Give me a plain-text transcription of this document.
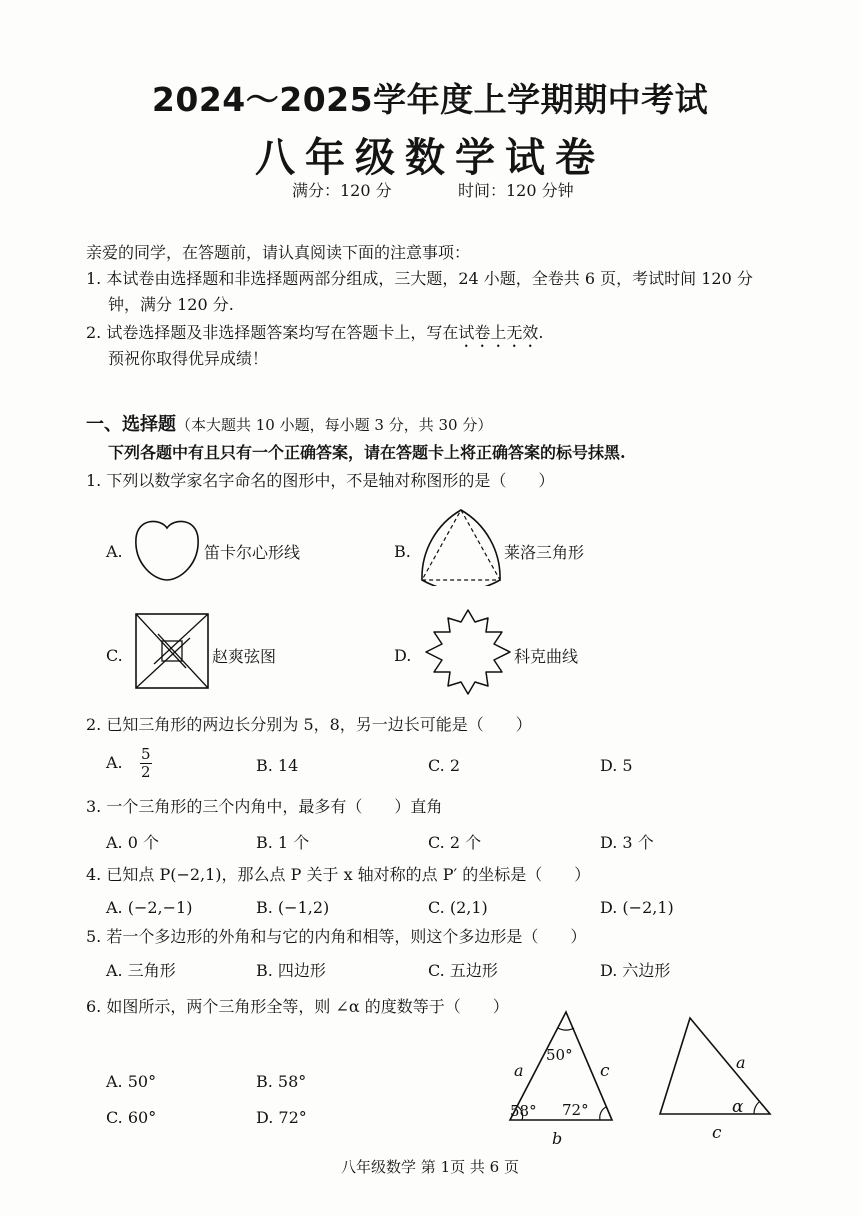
2024～2025学年度上学期期中考试
八年级数学试卷
满分：120 分	时间：120 分钟
亲爱的同学，在答题前，请认真阅读下面的注意事项：
1. 本试卷由选择题和非选择题两部分组成，三大题，24 小题，全卷共 6 页，考试时间 120 分
钟，满分 120 分.
2. 试卷选择题及非选择题答案均写在答题卡上，写在试卷上无效.
预祝你取得优异成绩！
一、选择题（本大题共 10 小题，每小题 3 分，共 30 分）
下列各题中有且只有一个正确答案，请在答题卡上将正确答案的标号抹黑.
1. 下列以数学家名字命名的图形中，不是轴对称图形的是（　　）
A.	笛卡尔心形线	B.	莱洛三角形
C.	赵爽弦图	D.	科克曲线
2. 已知三角形的两边长分别为 5，8，另一边长可能是（　　）
A. $\frac{5}{2}$	B. 14	C. 2	D. 5
3. 一个三角形的三个内角中，最多有（　　）直角
A. 0 个	B. 1 个	C. 2 个	D. 3 个
4. 已知点 P(−2,1)，那么点 P 关于 x 轴对称的点 P′ 的坐标是（　　）
A. (−2,−1)	B. (−1,2)	C. (2,1)	D. (−2,1)
5. 若一个多边形的外角和与它的内角和相等，则这个多边形是（　　）
A. 三角形	B. 四边形	C. 五边形	D. 六边形
6. 如图所示，两个三角形全等，则 ∠α 的度数等于（　　）
A. 50°	B. 58°
C. 60°	D. 72°
50°
58° 72°
a	c
b
a
α
c
八年级数学 第 1页 共 6 页
